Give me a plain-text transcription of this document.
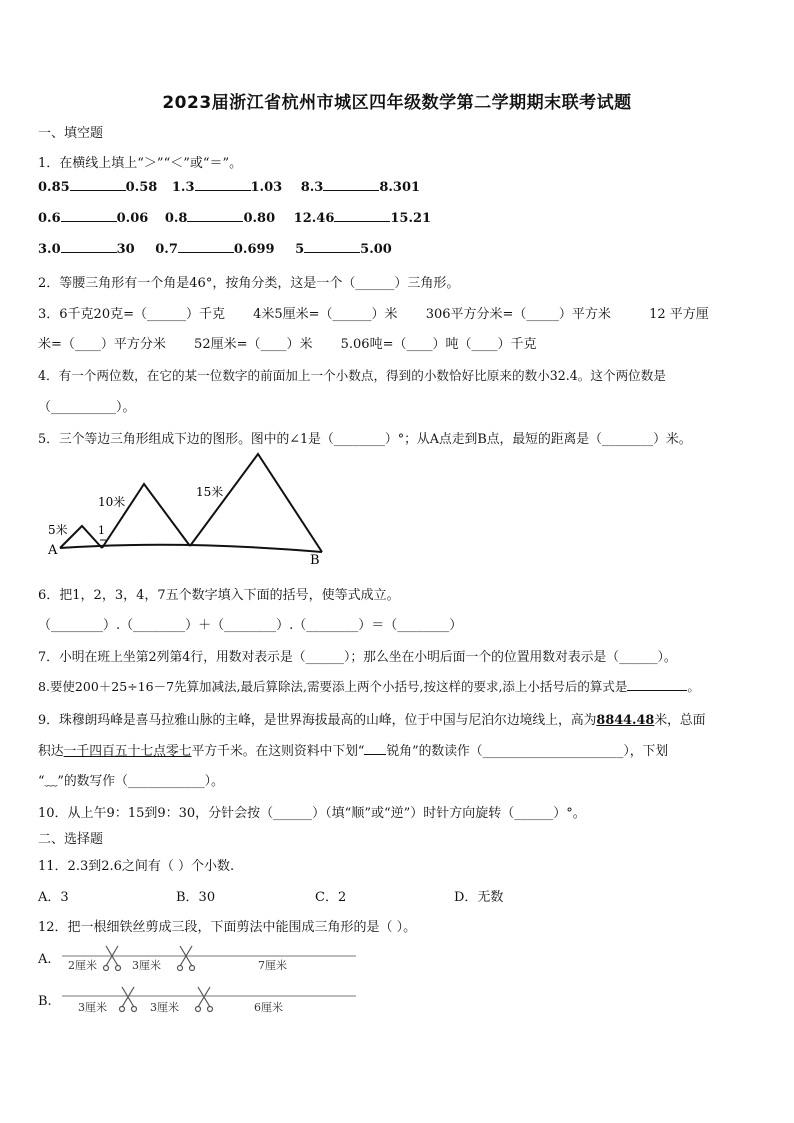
2023届浙江省杭州市城区四年级数学第二学期期末联考试题
一、填空题
1．在横线上填上“＞”“＜”或“＝”。
0.85	0.58 1.3	1.03 8.3	8.301
0.6	0.06 0.8	0.80 12.46	15.21
3.0	30 0.7	0.699 5	5.00
2．等腰三角形有一个角是46°，按角分类，这是一个（______）三角形。
3．6千克20克=（______）千克 4米5厘米=（______）米 306平方分米=（_____）平方米	12 平方厘
米=（____）平方分米 52厘米=（____）米 5.06吨=（____）吨（____）千克
4．有一个两位数，在它的某一位数字的前面加上一个小数点，得到的小数恰好比原来的数小32.4。这个两位数是
（__________）。
5．三个等边三角形组成下边的图形。图中的∠1是（________）°；从A点走到B点，最短的距离是（________）米。
5米	1
10米
15米
A
B
6．把1，2，3，4，7五个数字填入下面的括号，使等式成立。
（________）.（________）＋（________）.（________）＝（________）
7．小明在班上坐第2列第4行，用数对表示是（______）；那么坐在小明后面一个的位置用数对表示是（______）。
8.要使200＋25÷16－7先算加减法,最后算除法,需要添上两个小括号,按这样的要求,添上小括号后的算式是	。
9．珠穆朗玛峰是喜马拉雅山脉的主峰，是世界海拔最高的山峰，位于中国与尼泊尔边境线上，高为8844.48米，总面
积达一千四百五十七点零七平方千米。在这则资料中下划“ 锐角”的数读作（______________________），下划
“﹏”的数写作（____________）。
10．从上午9：15到9：30，分针会按（______）（填“顺”或“逆”）时针方向旋转（______）°。
二、选择题
11．2.3到2.6之间有（ ）个小数.
A．3	B．30	C．2	D．无数
12．把一根细铁丝剪成三段，下面剪法中能围成三角形的是（ ）。
A. 2厘米	3厘米	7厘米
B. 3厘米	3厘米	6厘米
